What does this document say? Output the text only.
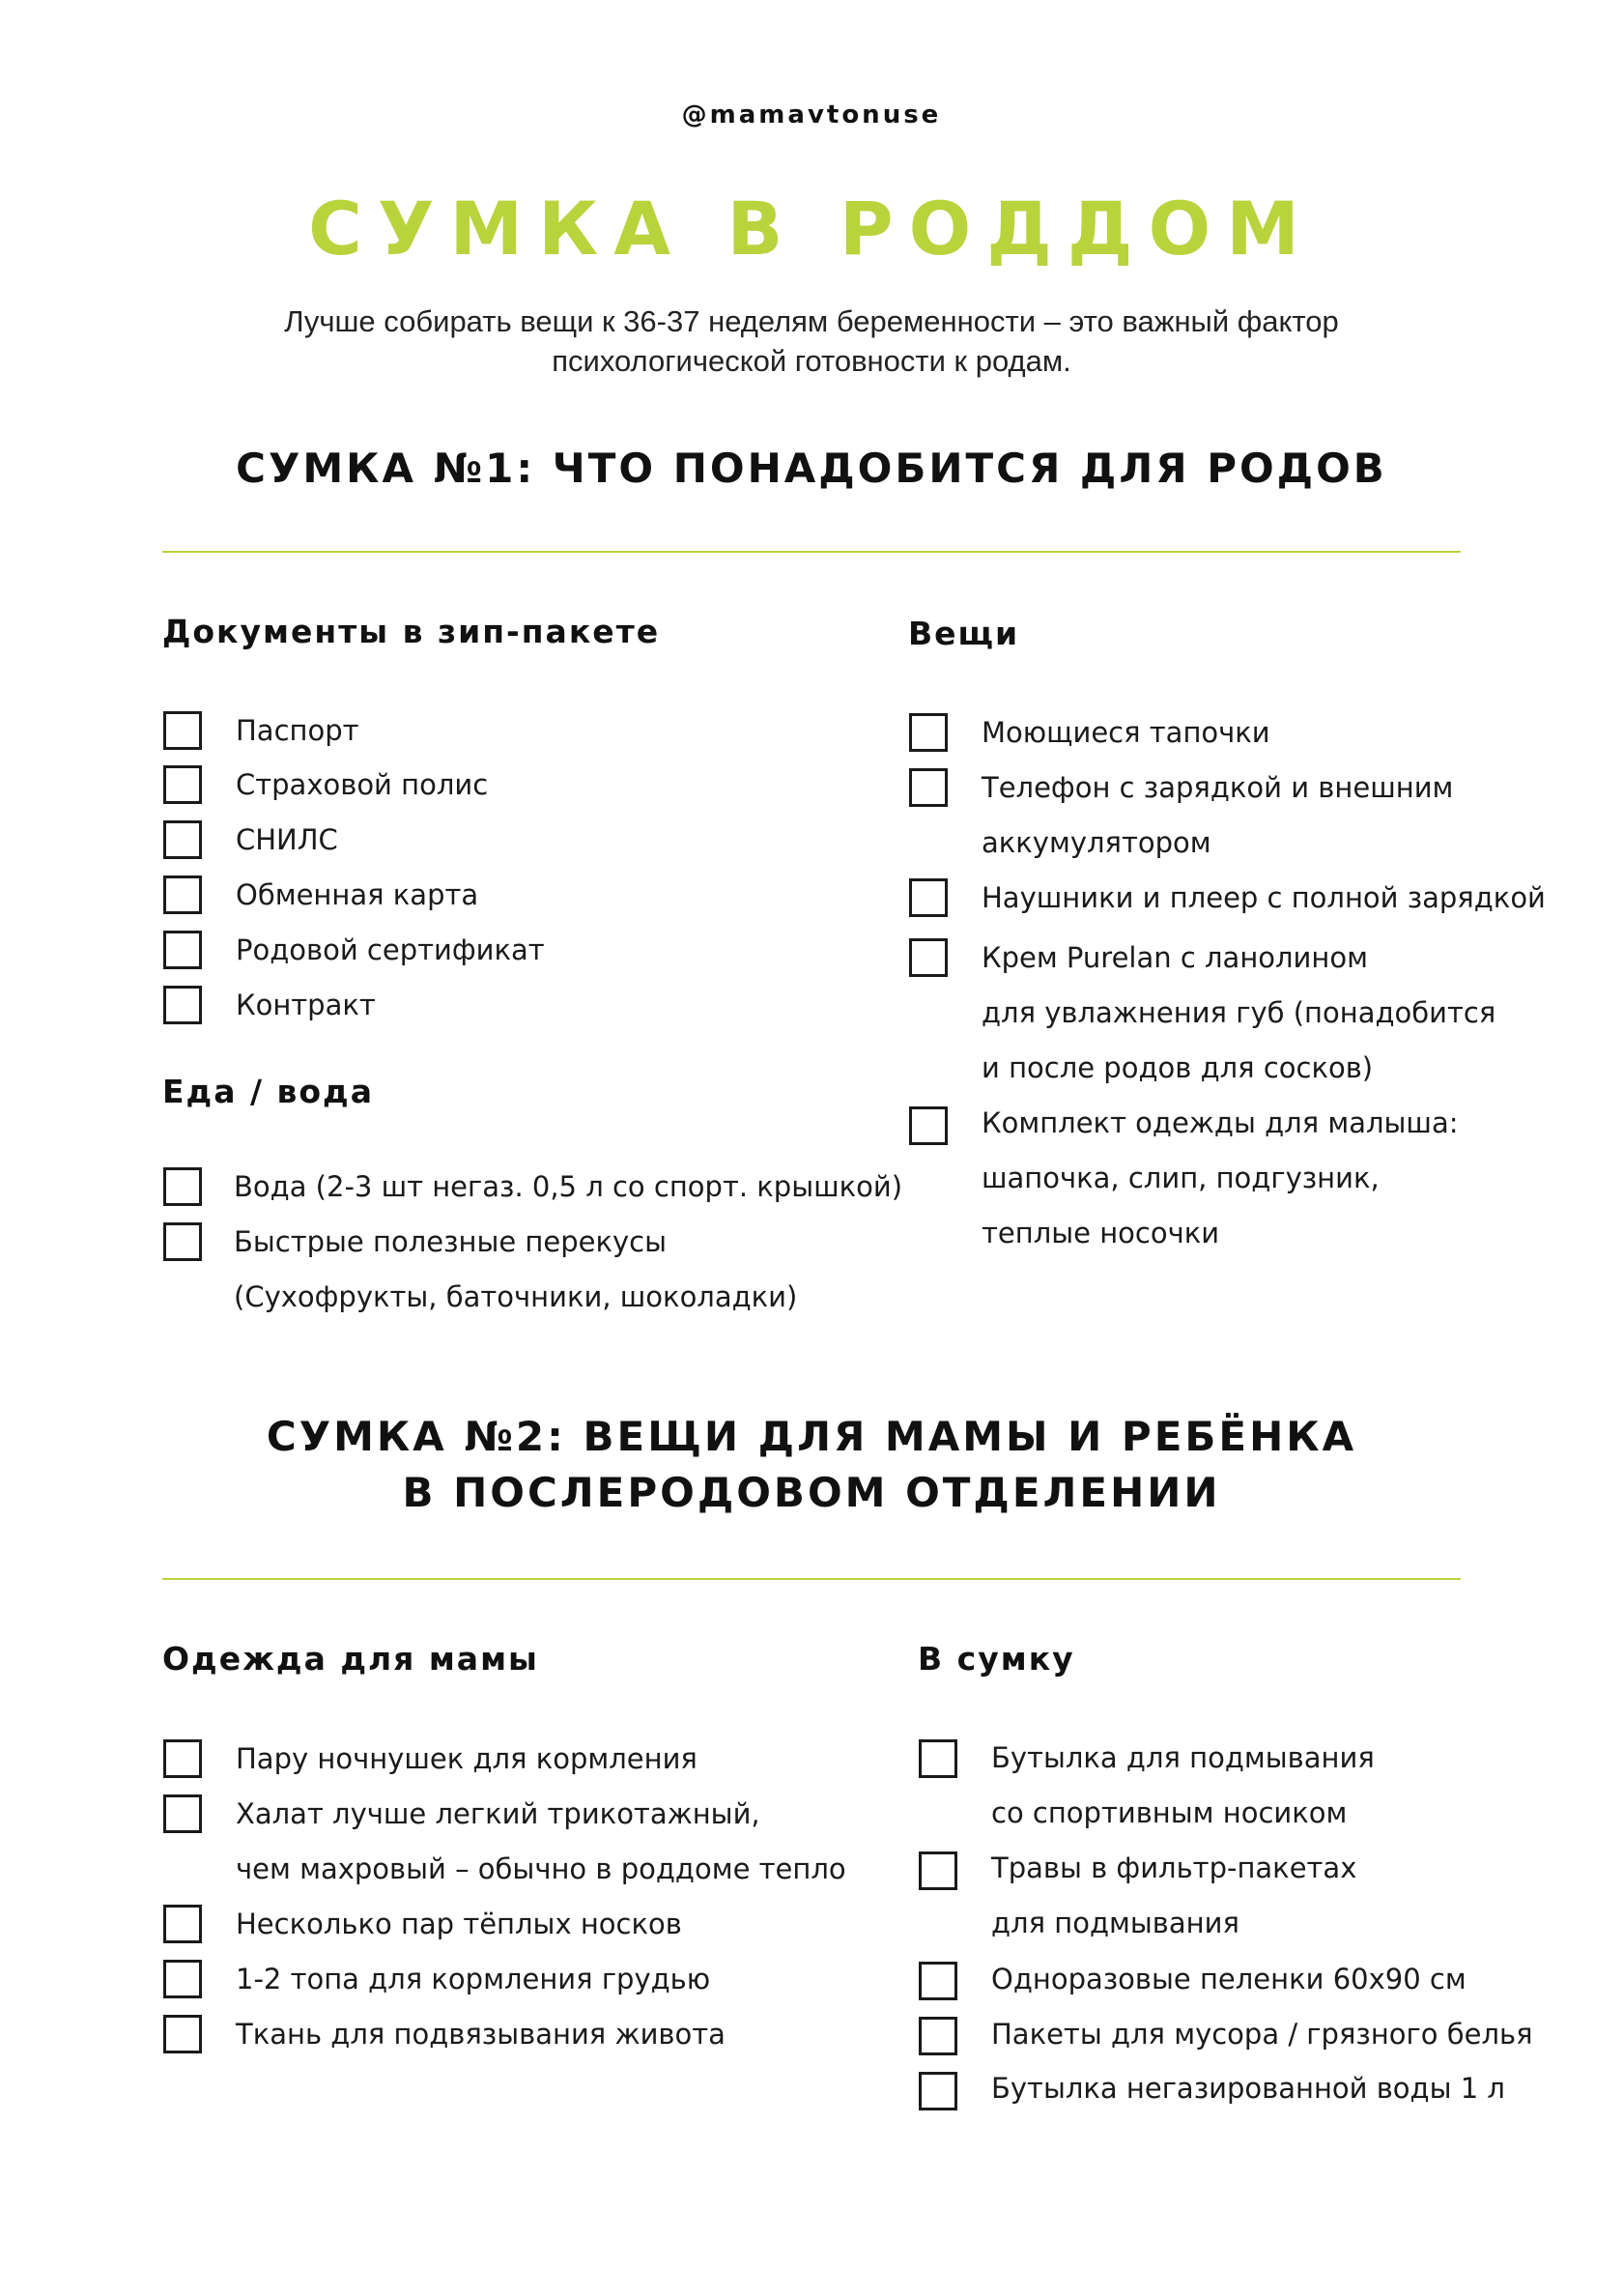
@mamavtonuse
СУМКА В РОДДОМ
Лучше собирать вещи к 36-37 неделям беременности – это важный фактор
психологической готовности к родам.
СУМКА №1: ЧТО ПОНАДОБИТСЯ ДЛЯ РОДОВ
Документы в зип-пакете
Паспорт
Страховой полис
СНИЛС
Обменная карта
Родовой сертификат
Контракт
Еда / вода
Вода (2-3 шт негаз. 0,5 л со спорт. крышкой)
Быстрые полезные перекусы
(Сухофрукты, баточники, шоколадки)
Вещи
Моющиеся тапочки
Телефон с зарядкой и внешним
аккумулятором
Наушники и плеер с полной зарядкой
Крем Purelan с ланолином
для увлажнения губ (понадобится
и после родов для сосков)
Комплект одежды для малыша:
шапочка, слип, подгузник,
теплые носочки
СУМКА №2: ВЕЩИ ДЛЯ МАМЫ И РЕБЁНКА
В ПОСЛЕРОДОВОМ ОТДЕЛЕНИИ
Одежда для мамы
Пару ночнушек для кормления
Халат лучше легкий трикотажный,
чем махровый – обычно в роддоме тепло
Несколько пар тёплых носков
1-2 топа для кормления грудью
Ткань для подвязывания живота
В сумку
Бутылка для подмывания
со спортивным носиком
Травы в фильтр-пакетах
для подмывания
Одноразовые пеленки 60х90 см
Пакеты для мусора / грязного белья
Бутылка негазированной воды 1 л
